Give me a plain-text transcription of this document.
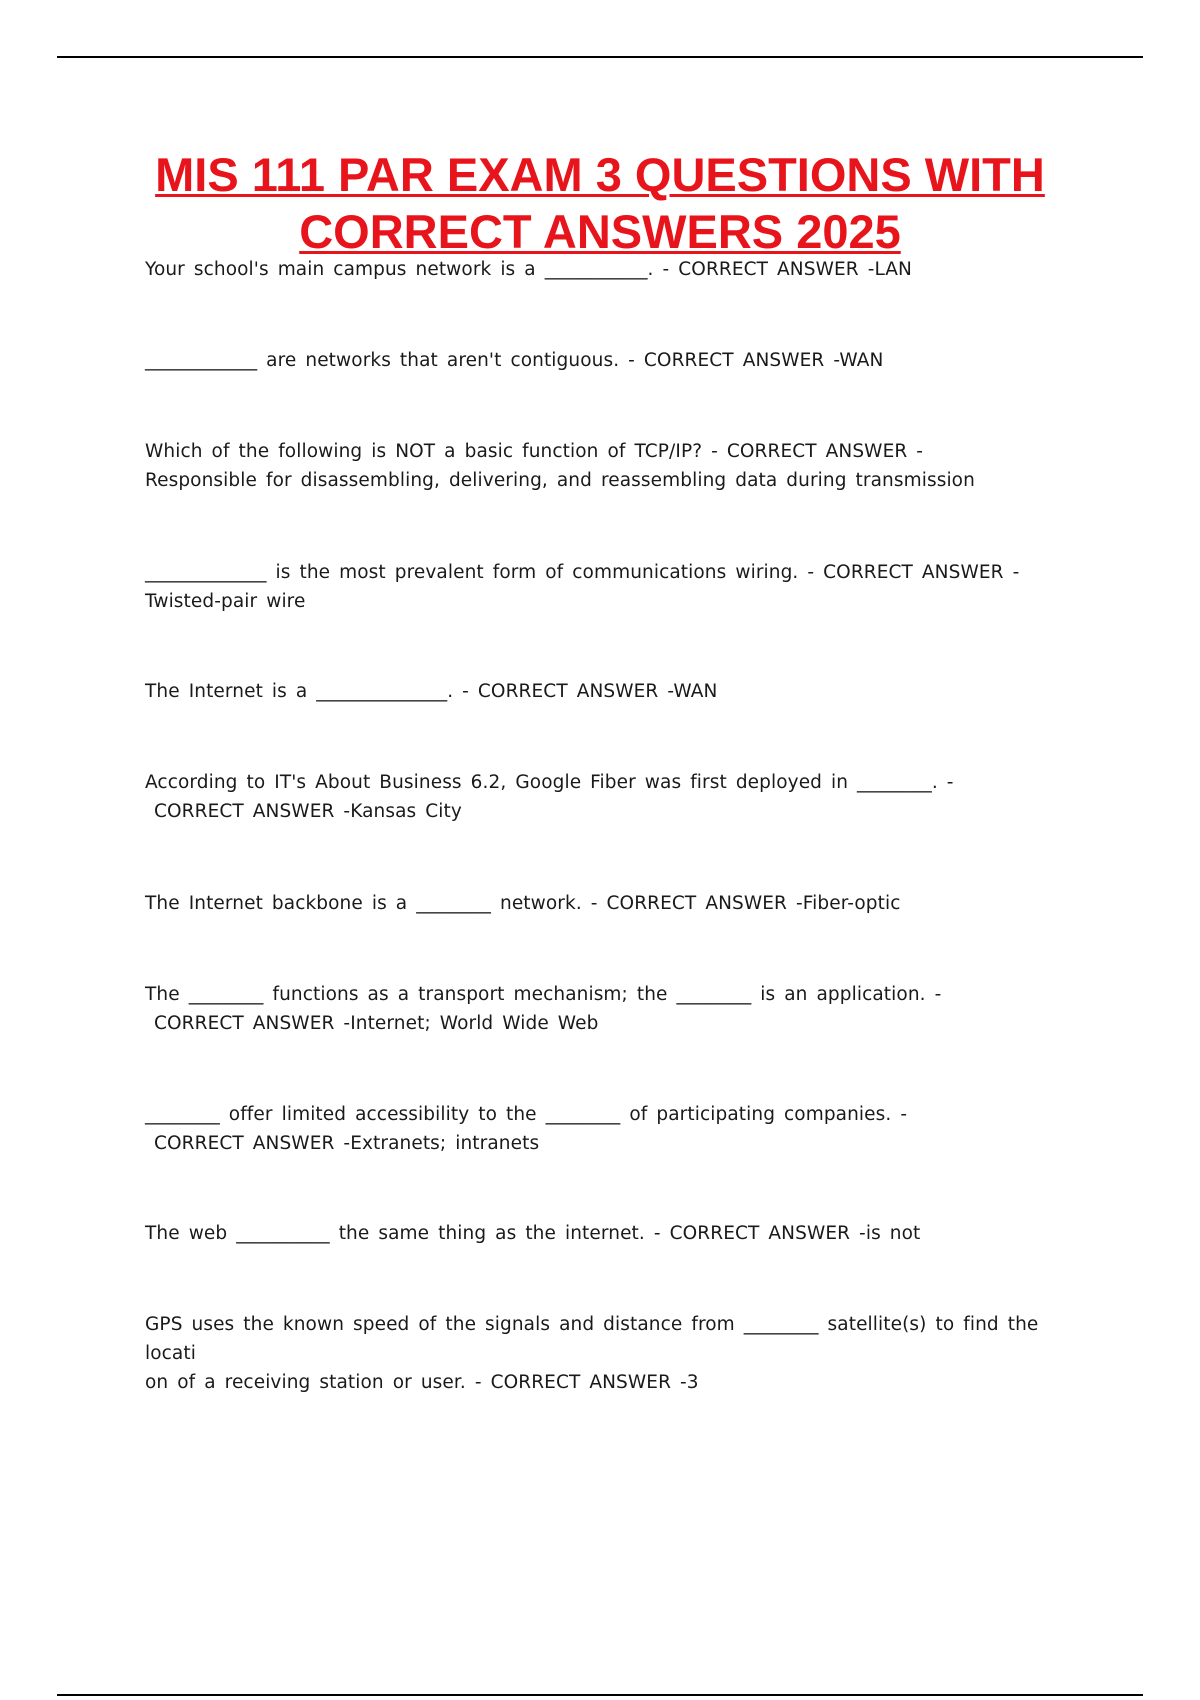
MIS 111 PAR EXAM 3 QUESTIONS WITH
CORRECT ANSWERS 2025

Your school's main campus network is a ___________. - CORRECT ANSWER -LAN

____________ are networks that aren't contiguous. - CORRECT ANSWER -WAN

Which of the following is NOT a basic function of TCP/IP? - CORRECT ANSWER -
Responsible for disassembling, delivering, and reassembling data during transmission

_____________ is the most prevalent form of communications wiring. - CORRECT ANSWER -
Twisted-pair wire

The Internet is a ______________. - CORRECT ANSWER -WAN

According to IT's About Business 6.2, Google Fiber was first deployed in ________. -
CORRECT ANSWER -Kansas City

The Internet backbone is a ________ network. - CORRECT ANSWER -Fiber-optic

The ________ functions as a transport mechanism; the ________ is an application. -
CORRECT ANSWER -Internet; World Wide Web

________ offer limited accessibility to the ________ of participating companies. -
CORRECT ANSWER -Extranets; intranets

The web __________ the same thing as the internet. - CORRECT ANSWER -is not

GPS uses the known speed of the signals and distance from ________ satellite(s) to find the locati
on of a receiving station or user. - CORRECT ANSWER -3
